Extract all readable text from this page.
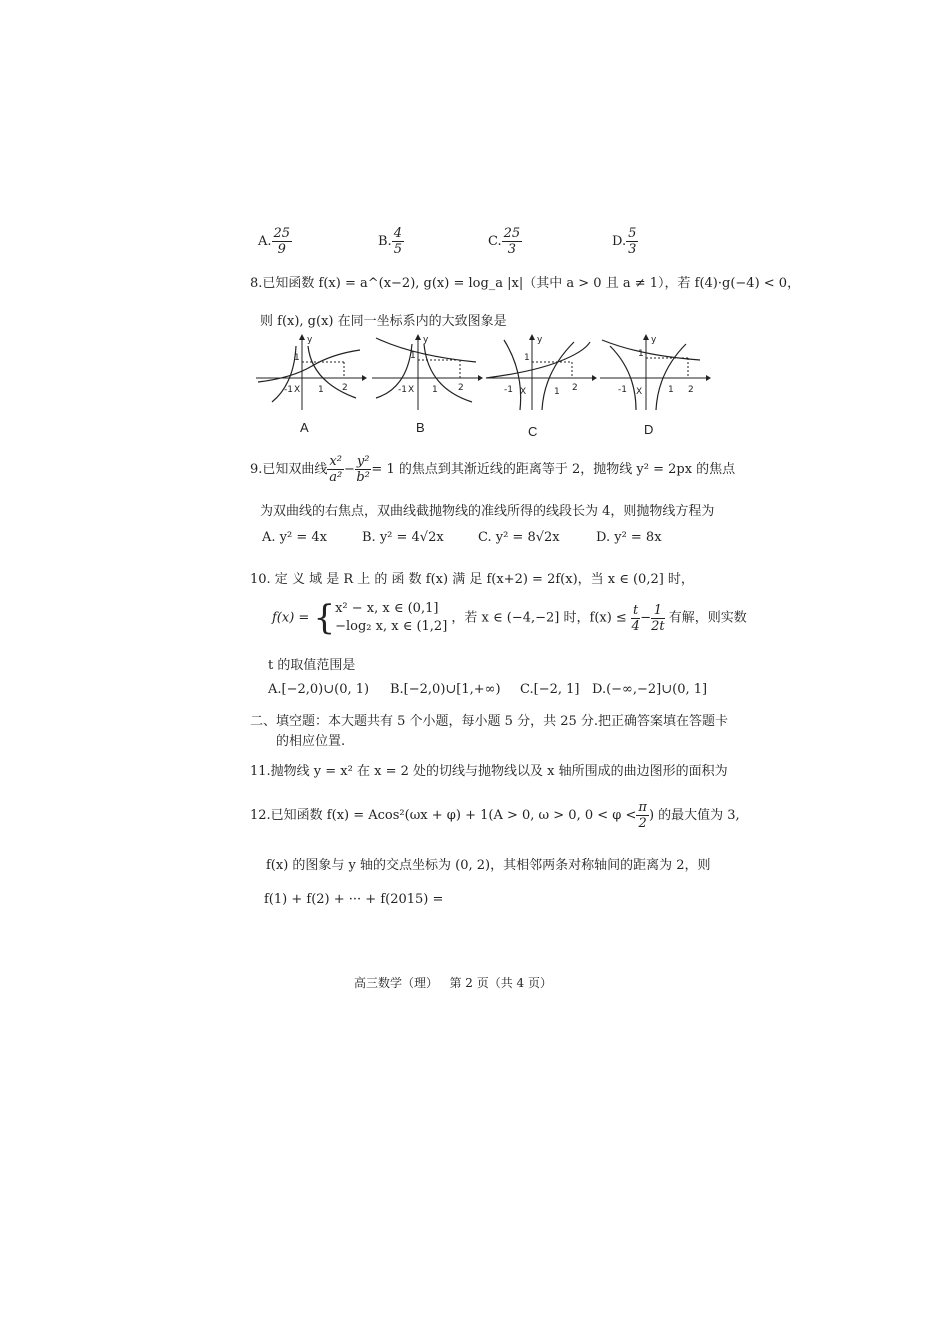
A. $\frac{25}{9}$	B. $\frac{4}{5}$	C. $\frac{25}{3}$	D. $\frac{5}{3}$
8.已知函数 f(x) = a^(x−2), g(x) = log_a |x|（其中 a > 0 且 a ≠ 1），若 f(4)·g(−4) < 0，
则 f(x), g(x) 在同一坐标系内的大致图象是
y
1
-1 X 1 2
A
y
1
-1 X 1 2
B
y
1
-1 X	1 2
C
y
1
-1 X	1 2
D
9.已知双曲线 $\frac{\text{x²}}{\text{a²}} - \frac{\text{y²}}{\text{b²}} = 1$ 的焦点到其渐近线的距离等于 2，抛物线 y² = 2px 的焦点
为双曲线的右焦点，双曲线截抛物线的准线所得的线段长为 4，则抛物线方程为
A. y² = 4x	B. y² = 4√2x	C. y² = 8√2x	D. y² = 8x
10. 定 义 域 是 R 上 的 函 数 f(x) 满 足 f(x+2) = 2f(x)，当 x ∈ (0,2] 时，
f(x) = { x² − x, x ∈ (0,1]
−log₂ x, x ∈ (1,2]
，若 x ∈ (−4,−2] 时，$f(x) \le \frac{t}{4} - \frac{1}{2t}$ 有解，则实数
t 的取值范围是
A.[−2,0)∪(0, 1) B.[−2,0)∪[1,+∞) C.[−2, 1] D.(−∞,−2]∪(0, 1]
二、填空题：本大题共有 5 个小题，每小题 5 分，共 25 分.把正确答案填在答题卡
的相应位置.
11.抛物线 y = x² 在 x = 2 处的切线与抛物线以及 x 轴所围成的曲边图形的面积为
12.已知函数 f(x) = Acos²(ωx + φ) + 1(A > 0, ω > 0, $0 < \varphi < \frac{\pi}{2}$ ) 的最大值为 3,
f(x) 的图象与 y 轴的交点坐标为 (0, 2)，其相邻两条对称轴间的距离为 2，则
f(1) + f(2) + ··· + f(2015) =
高三数学（理）   第 2 页（共 4 页）
